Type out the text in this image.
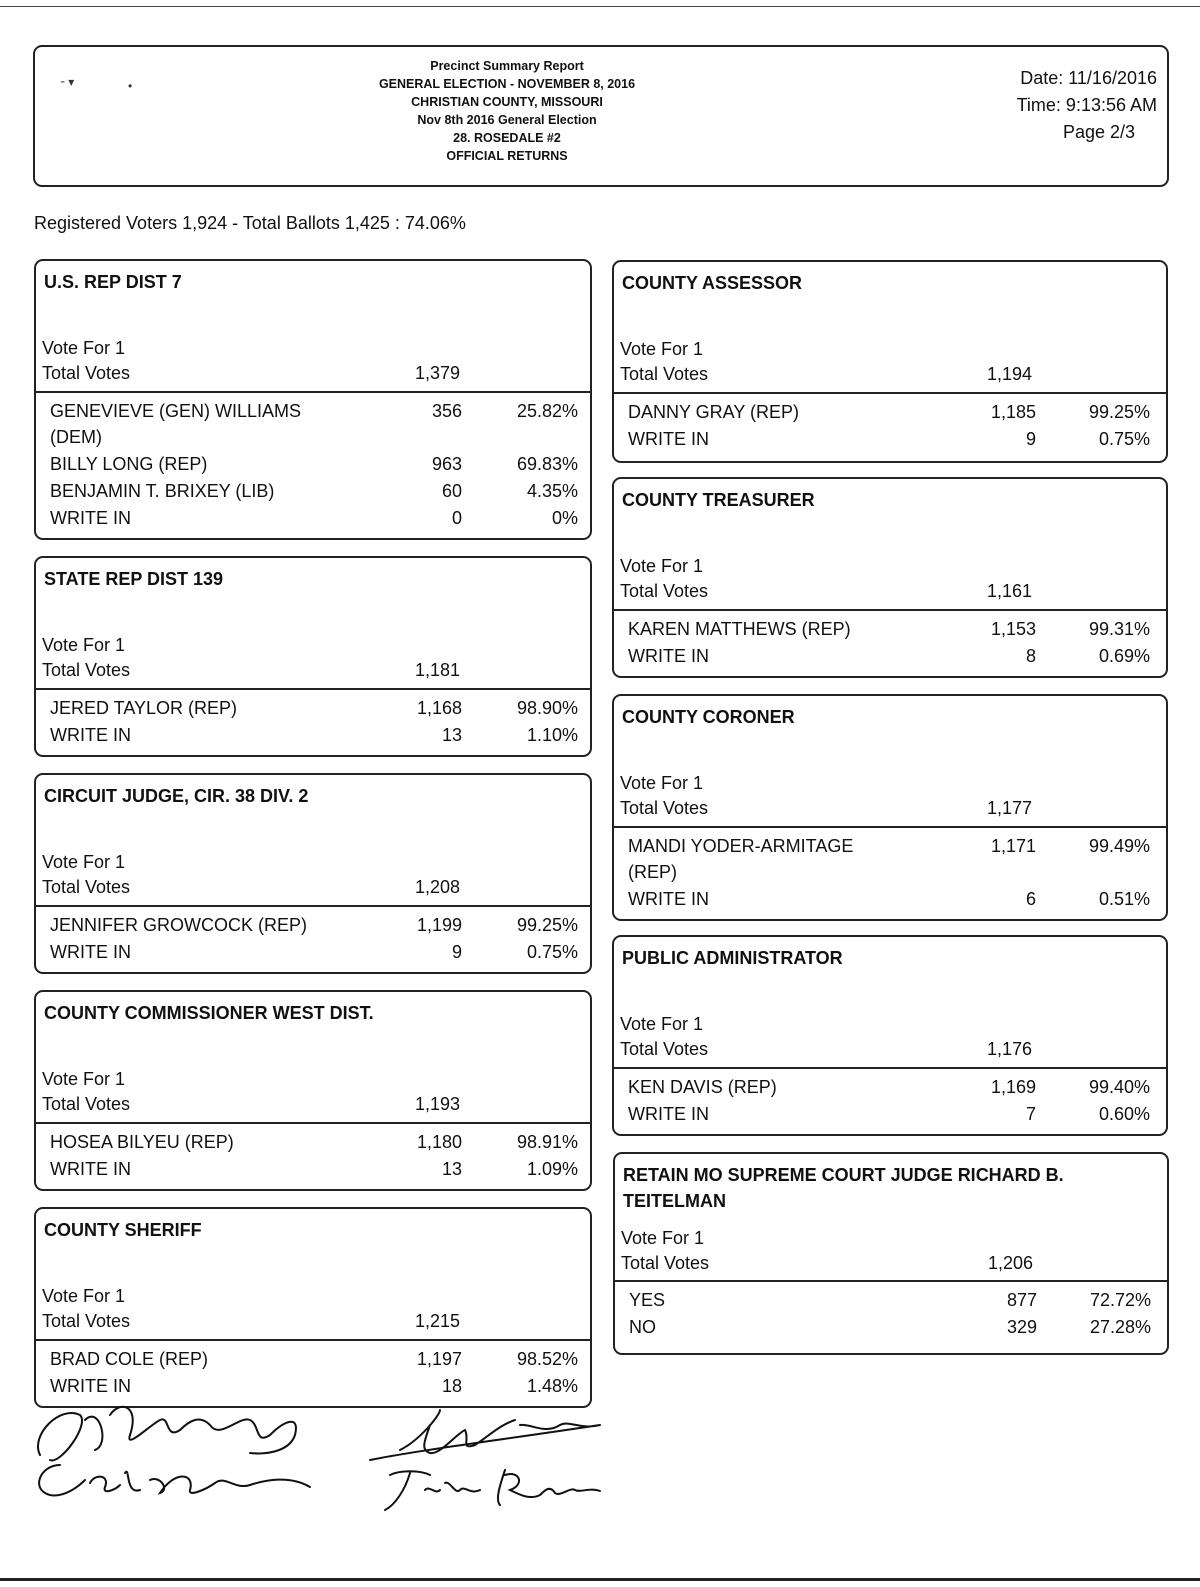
╴▾	•
Precinct Summary Report
GENERAL ELECTION - NOVEMBER 8, 2016
CHRISTIAN COUNTY, MISSOURI
Nov 8th 2016 General Election
28. ROSEDALE #2
OFFICIAL RETURNS
Date: 11/16/2016
Time: 9:13:56 AM
Page 2/3
Registered Voters 1,924 - Total Ballots 1,425 : 74.06%
U.S. REP DIST 7
Vote For 1
Total Votes	1,379
GENEVIEVE (GEN) WILLIAMS
(DEM)
356	25.82%
BILLY LONG (REP)	963	69.83%
BENJAMIN T. BRIXEY (LIB)	60	4.35%
WRITE IN	0	0%
STATE REP DIST 139
Vote For 1
Total Votes	1,181
JERED TAYLOR (REP)	1,168	98.90%
WRITE IN	13	1.10%
CIRCUIT JUDGE, CIR. 38 DIV. 2
Vote For 1
Total Votes	1,208
JENNIFER GROWCOCK (REP)	1,199	99.25%
WRITE IN	9	0.75%
COUNTY COMMISSIONER WEST DIST.
Vote For 1
Total Votes	1,193
HOSEA BILYEU (REP)	1,180	98.91%
WRITE IN	13	1.09%
COUNTY SHERIFF
Vote For 1
Total Votes	1,215
BRAD COLE (REP)	1,197	98.52%
WRITE IN	18	1.48%
COUNTY ASSESSOR
Vote For 1
Total Votes	1,194
DANNY GRAY (REP)	1,185	99.25%
WRITE IN	9	0.75%
COUNTY TREASURER
Vote For 1
Total Votes	1,161
KAREN MATTHEWS (REP)	1,153	99.31%
WRITE IN	8	0.69%
COUNTY CORONER
Vote For 1
Total Votes	1,177
MANDI YODER-ARMITAGE
(REP)
1,171	99.49%
WRITE IN	6	0.51%
PUBLIC ADMINISTRATOR
Vote For 1
Total Votes	1,176
KEN DAVIS (REP)	1,169	99.40%
WRITE IN	7	0.60%
RETAIN MO SUPREME COURT JUDGE RICHARD B. TEITELMAN
Vote For 1
Total Votes	1,206
YES	877	72.72%
NO	329	27.28%
